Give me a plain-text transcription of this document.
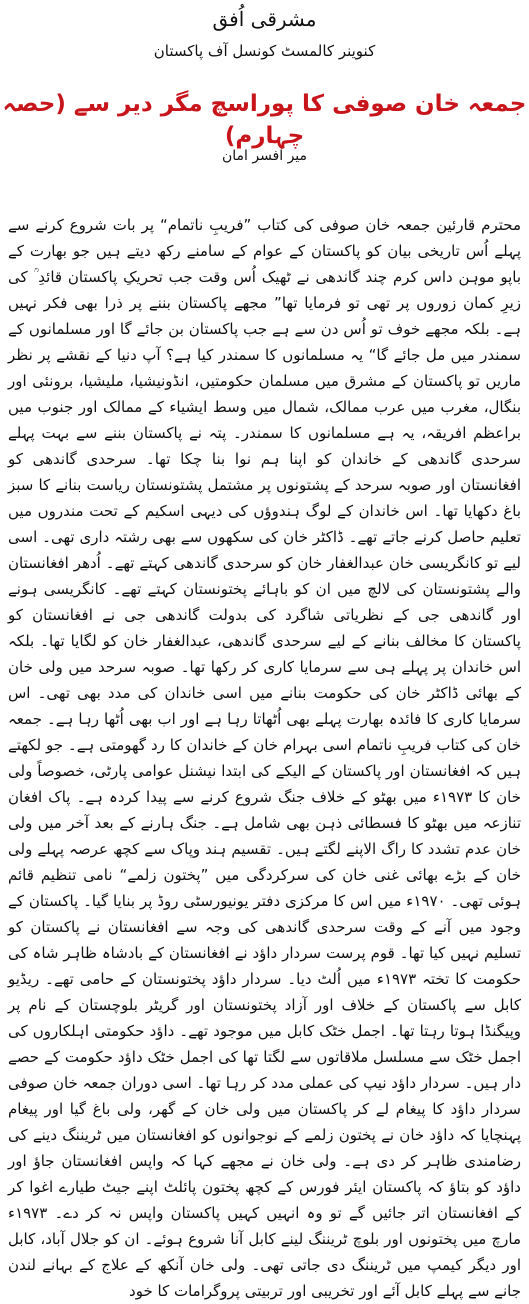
مشرقی اُفق
کنوینر کالمسٹ کونسل آف پاکستان
جمعہ خان صوفی کا پوراسچ مگر دیر سے (حصہ چہارم)
میر افسر امان

محترم قارئین جمعہ خان صوفی کی کتاب ”فریبِ ناتمام“ پر بات شروع کرنے سے پہلے اُس تاریخی بیان کو پاکستان کے عوام کے سامنے رکھ دیتے ہیں جو بھارت کے باپو موہن داس کرم چند گاندھی نے ٹھیک اُس وقت جب تحریکِ پاکستان قائدِ ؒ کی زیرِ کمان زوروں پر تھی تو فرمایا تھا” مجھے پاکستان بننے پر ذرا بھی فکر نہیں ہے۔ بلکہ مجھے خوف تو اُس دن سے ہے جب پاکستان بن جائے گا اور مسلمانوں کے سمندر میں مل جائے گا“ یہ مسلمانوں کا سمندر کیا ہے؟ آپ دنیا کے نقشے پر نظر ماریں تو پاکستان کے مشرق میں مسلمان حکومتیں، انڈونیشیا، ملیشیا، برونئی اور بنگال، مغرب میں عرب ممالک، شمال میں وسط ایشیاء کے ممالک اور جنوب میں براعظم افریقہ، یہ ہے مسلمانوں کا سمندر۔ پتہ نے پاکستان بننے سے بہت پہلے سرحدی گاندھی کے خاندان کو اپنا ہم نوا بنا چکا تھا۔ سرحدی گاندھی کو افغانستان اور صوبہ سرحد کے پشتونوں پر مشتمل پشتونستان ریاست بنانے کا سبز باغ دکھایا تھا۔ اس خاندان کے لوگ ہندوؤں کی دیہی اسکیم کے تحت مندروں میں تعلیم حاصل کرنے جاتے تھے۔ ڈاکٹر خان کی سکھوں سے بھی رشتہ داری تھی۔ اسی لیے تو کانگریسی خان عبدالغفار خان کو سرحدی گاندھی کہتے تھے۔ اُدھر افغانستان والے پشتونستان کی لالچ میں ان کو باہائے پختونستان کہتے تھے۔ کانگریسی ہونے اور گاندھی جی کے نظریاتی شاگرد کی بدولت گاندھی جی نے افغانستان کو پاکستان کا مخالف بنانے کے لیے سرحدی گاندھی، عبدالغفار خان کو لگایا تھا۔ بلکہ اس خاندان پر پہلے ہی سے سرمایا کاری کر رکھا تھا۔ صوبہ سرحد میں ولی خان کے بھائی ڈاکٹر خان کی حکومت بنانے میں اسی خاندان کی مدد بھی تھی۔ اس سرمایا کاری کا فائدہ بھارت پہلے بھی اُٹھاتا رہا ہے اور اب بھی اُٹھا رہا ہے۔ جمعہ خان کی کتاب فریبِ ناتمام اسی بہرام خان کے خاندان کا رد گھومتی ہے۔ جو لکھتے ہیں کہ افغانستان اور پاکستان کے الیکے کی ابتدا نیشنل عوامی پارٹی، خصوصاً ولی خان کا ۱۹۷۳ء میں بھٹو کے خلاف جنگ شروع کرنے سے پیدا کردہ ہے۔ پاک افغان تنازعہ میں بھٹو کا فسطائی ذہن بھی شامل ہے۔ جنگ ہارنے کے بعد آخر میں ولی خان عدم تشدد کا راگ الاپنے لگتے ہیں۔ تقسیم ہند وپاک سے کچھ عرصہ پہلے ولی خان کے بڑے بھائی غنی خان کی سرکردگی میں ”پختون زلمے“ نامی تنظیم قائم ہوئی تھی۔ ۱۹۷۰ء میں اس کا مرکزی دفتر یونیورسٹی روڈ پر بنایا گیا۔ پاکستان کے وجود میں آنے کے وقت سرحدی گاندھی کی وجہ سے افغانستان نے پاکستان کو تسلیم نہیں کیا تھا۔ قوم پرست سردار داؤد نے افغانستان کے بادشاہ ظاہر شاہ کی حکومت کا تختہ ۱۹۷۳ء میں اُلٹ دیا۔ سردار داؤد پختونستان کے حامی تھے۔ ریڈیو کابل سے پاکستان کے خلاف اور آزاد پختونستان اور گریٹر بلوچستان کے نام پر وپیگنڈا ہوتا رہتا تھا۔ اجمل خٹک کابل میں موجود تھے۔ داؤد حکومتی اہلکاروں کی اجمل خٹک سے مسلسل ملاقاتوں سے لگتا تھا کی اجمل خٹک داؤد حکومت کے حصے دار ہیں۔ سردار داؤد نیپ کی عملی مدد کر رہا تھا۔ اسی دوران جمعہ خان صوفی سردار داؤد کا پیغام لے کر پاکستان میں ولی خان کے گھر، ولی باغ گیا اور پیغام پہنچایا کہ داؤد خان نے پختون زلمے کے نوجوانوں کو افغانستان میں ٹریننگ دینے کی رضامندی ظاہر کر دی ہے۔ ولی خان نے مجھے کہا کہ واپس افغانستان جاؤ اور داؤد کو بتاؤ کہ پاکستان ایئر فورس کے کچھ پختون پائلٹ اپنے جیٹ طیارے اغوا کر کے افغانستان اتر جائیں گے تو وہ انہیں کہیں پاکستان واپس نہ کر دے۔ ۱۹۷۳ء مارچ میں پختونوں اور بلوچ ٹریننگ لینے کابل آنا شروع ہوئے۔ ان کو جلال آباد، کابل اور دیگر کیمپ میں ٹریننگ دی جاتی تھی۔ ولی خان آنکھ کے علاج کے بہانے لندن جانے سے پہلے کابل آئے اور تخریبی اور تربیتی پروگرامات کا خود
